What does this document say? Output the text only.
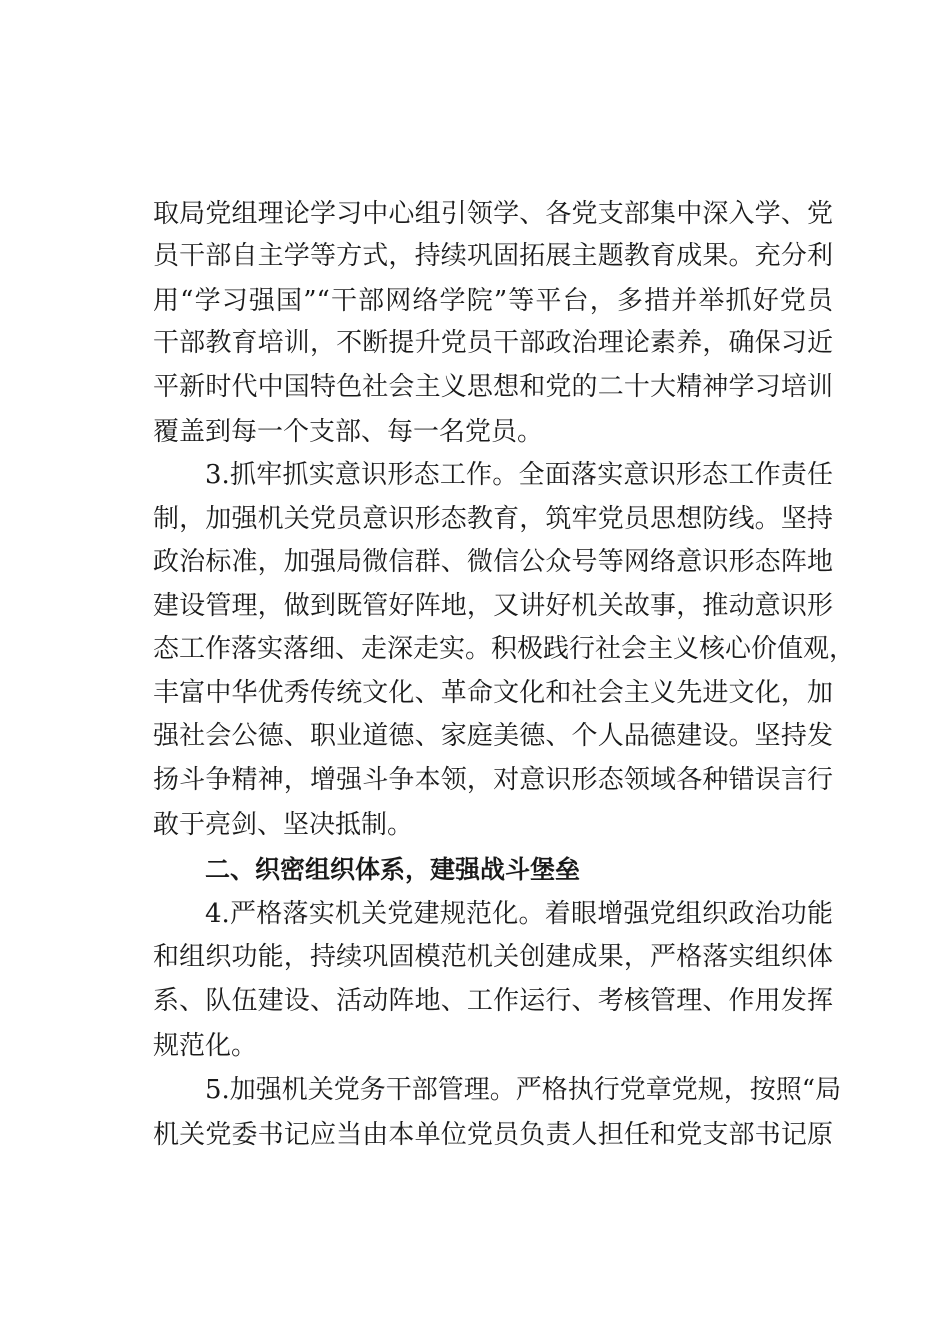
取局党组理论学习中心组引领学、各党支部集中深入学、党
员干部自主学等方式，持续巩固拓展主题教育成果。充分利
用“学习强国”“干部网络学院”等平台，多措并举抓好党员
干部教育培训，不断提升党员干部政治理论素养，确保习近
平新时代中国特色社会主义思想和党的二十大精神学习培训
覆盖到每一个支部、每一名党员。
3.抓牢抓实意识形态工作。全面落实意识形态工作责任
制，加强机关党员意识形态教育，筑牢党员思想防线。坚持
政治标准，加强局微信群、微信公众号等网络意识形态阵地
建设管理，做到既管好阵地，又讲好机关故事，推动意识形
态工作落实落细、走深走实。积极践行社会主义核心价值观，
丰富中华优秀传统文化、革命文化和社会主义先进文化，加
强社会公德、职业道德、家庭美德、个人品德建设。坚持发
扬斗争精神，增强斗争本领，对意识形态领域各种错误言行
敢于亮剑、坚决抵制。
二、织密组织体系，建强战斗堡垒
4.严格落实机关党建规范化。着眼增强党组织政治功能
和组织功能，持续巩固模范机关创建成果，严格落实组织体
系、队伍建设、活动阵地、工作运行、考核管理、作用发挥
规范化。
5.加强机关党务干部管理。严格执行党章党规，按照“局
机关党委书记应当由本单位党员负责人担任和党支部书记原
